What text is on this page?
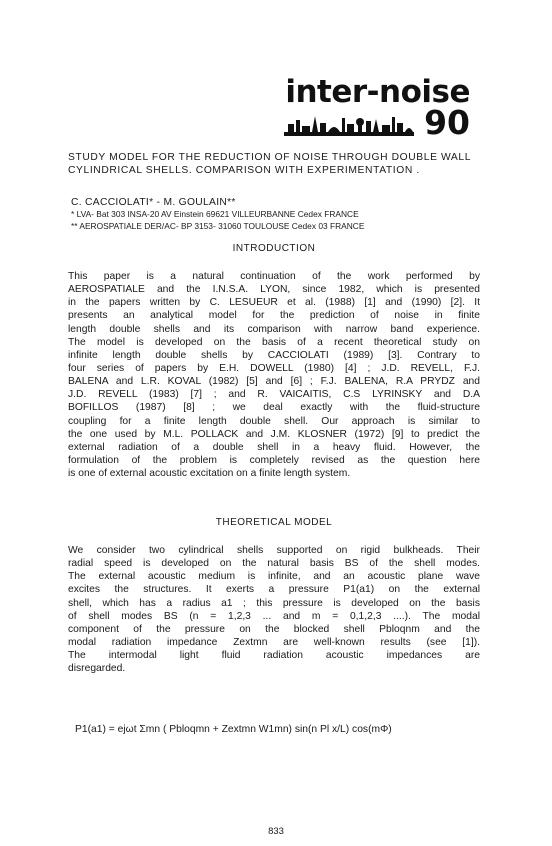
inter-noise
90
STUDY MODEL FOR THE REDUCTION OF NOISE THROUGH DOUBLE WALL
CYLINDRICAL SHELLS. COMPARISON WITH EXPERIMENTATION .
C. CACCIOLATI* - M. GOULAIN**
* LVA- Bat 303 INSA-20 AV Einstein 69621 VILLEURBANNE Cedex FRANCE
** AEROSPATIALE DER/AC- BP 3153- 31060 TOULOUSE Cedex 03 FRANCE
INTRODUCTION
This paper is a natural continuation of the work performed by
AEROSPATIALE and the I.N.S.A. LYON, since 1982, which is presented
in the papers written by C. LESUEUR et al. (1988) [1] and (1990) [2]. It
presents an analytical model for the prediction of noise in finite
length double shells and its comparison with narrow band experience.
The model is developed on the basis of a recent theoretical study on
infinite length double shells by CACCIOLATI (1989) [3]. Contrary to
four series of papers by E.H. DOWELL (1980) [4] ; J.D. REVELL, F.J.
BALENA and L.R. KOVAL (1982) [5] and [6] ; F.J. BALENA, R.A PRYDZ and
J.D. REVELL (1983) [7] ; and R. VAICAITIS, C.S LYRINSKY and D.A
BOFILLOS (1987) [8] ; we deal exactly with the fluid-structure
coupling for a finite length double shell. Our approach is similar to
the one used by M.L. POLLACK and J.M. KLOSNER (1972) [9] to predict the
external radiation of a double shell in a heavy fluid. However, the
formulation of the problem is completely revised as the question here
is one of external acoustic excitation on a finite length system.
THEORETICAL MODEL
We consider two cylindrical shells supported on rigid bulkheads. Their
radial speed is developed on the natural basis BS of the shell modes.
The external acoustic medium is infinite, and an acoustic plane wave
excites the structures. It exerts a pressure P1(a1) on the external
shell, which has a radius a1 ; this pressure is developed on the basis
of shell modes BS (n = 1,2,3 ... and m = 0,1,2,3 ....). The modal
component of the pressure on the blocked shell Pbloqnm and the
modal radiation impedance Zextmn are well-known results (see [1]).
The intermodal light fluid radiation acoustic impedances are
disregarded.
P1(a1) = ejωt Σmn ( Pbloqmn + Zextmn W1mn) sin(n Pl x/L) cos(mΦ)
833
